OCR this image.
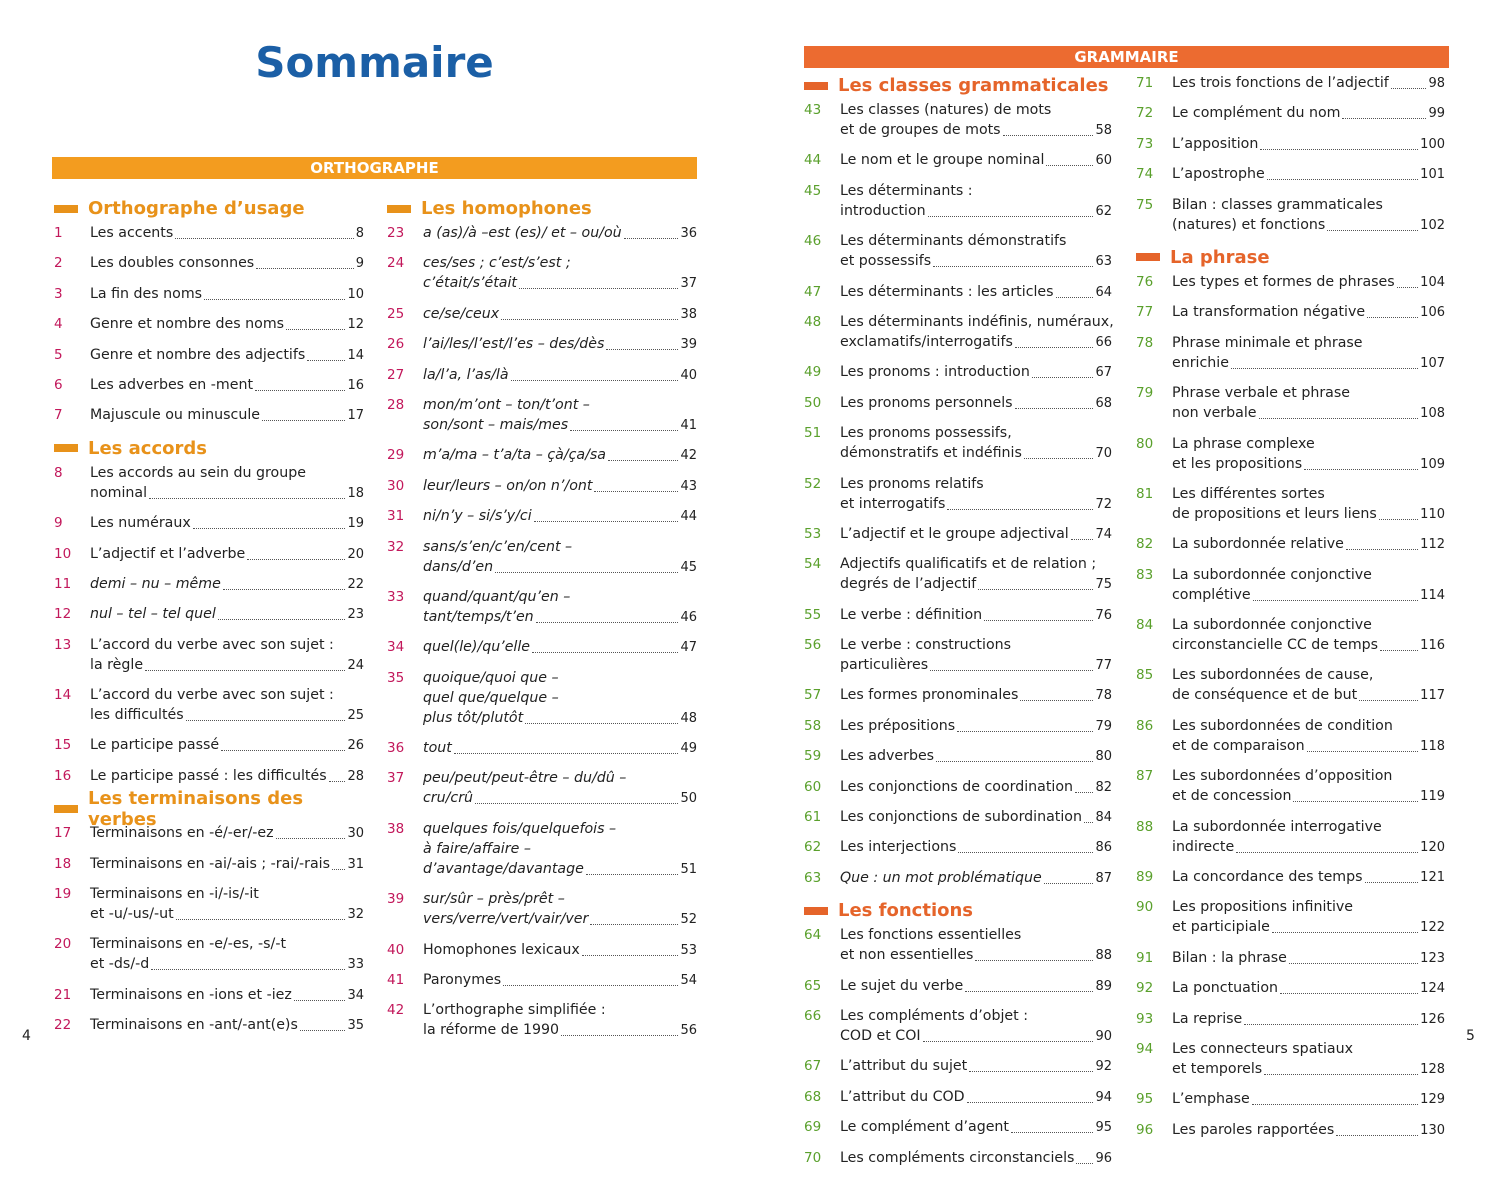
Sommaire
ORTHOGRAPHE
GRAMMAIRE
Orthographe d’usage
1	Les accents	8
2	Les doubles consonnes	9
3	La fin des noms	10
4	Genre et nombre des noms	12
5	Genre et nombre des adjectifs	14
6	Les adverbes en -ment	16
7	Majuscule ou minuscule	17
Les accords
8	Les accords au sein du groupe
nominal	18
9	Les numéraux	19
10	L’adjectif et l’adverbe	20
11	demi – nu – même	22
12	nul – tel – tel quel	23
13	L’accord du verbe avec son sujet :
la règle	24
14	L’accord du verbe avec son sujet :
les difficultés	25
15	Le participe passé	26
16	Le participe passé : les difficultés 28
Les terminaisons des verbes
17	Terminaisons en -é/-er/-ez	30
18	Terminaisons en -ai/-ais ; -rai/-rais 31
19	Terminaisons en -i/-is/-it
et -u/-us/-ut	32
20	Terminaisons en -e/-es, -s/-t
et -ds/-d	33
21	Terminaisons en -ions et -iez	34
22	Terminaisons en -ant/-ant(e)s	35
Les homophones
23	a (as)/à –est (es)/ et – ou/où	36
24	ces/ses ; c’est/s’est ;
c’était/s’était	37
25	ce/se/ceux	38
26	l’ai/les/l’est/l’es – des/dès	39
27	la/l’a, l’as/là	40
28	mon/m’ont – ton/t’ont –
son/sont – mais/mes	41
29	m’a/ma – t’a/ta – çà/ça/sa	42
30	leur/leurs – on/on n’/ont	43
31	ni/n’y – si/s’y/ci	44
32	sans/s’en/c’en/cent –
dans/d’en	45
33	quand/quant/qu’en –
tant/temps/t’en	46
34	quel(le)/qu’elle	47
35	quoique/quoi que –
quel que/quelque –
plus tôt/plutôt	48
36	tout	49
37	peu/peut/peut-être – du/dû –
cru/crû	50
38	quelques fois/quelquefois –
à faire/affaire –
d’avantage/davantage	51
39	sur/sûr – près/prêt –
vers/verre/vert/vair/ver	52
40	Homophones lexicaux	53
41	Paronymes	54
42	L’orthographe simplifiée :
la réforme de 1990	56
Les classes grammaticales
43	Les classes (natures) de mots
et de groupes de mots	58
44	Le nom et le groupe nominal	60
45	Les déterminants :
introduction	62
46	Les déterminants démonstratifs
et possessifs	63
47	Les déterminants : les articles	64
48	Les déterminants indéfinis, numéraux,
exclamatifs/interrogatifs	66
49	Les pronoms : introduction	67
50	Les pronoms personnels	68
51	Les pronoms possessifs,
démonstratifs et indéfinis	70
52	Les pronoms relatifs
et interrogatifs	72
53	L’adjectif et le groupe adjectival 74
54	Adjectifs qualificatifs et de relation ;
degrés de l’adjectif	75
55	Le verbe : définition	76
56	Le verbe : constructions
particulières	77
57	Les formes pronominales	78
58	Les prépositions	79
59	Les adverbes	80
60	Les conjonctions de coordination 82
61	Les conjonctions de subordination 84
62	Les interjections	86
63	Que : un mot problématique	87
Les fonctions
64	Les fonctions essentielles
et non essentielles	88
65	Le sujet du verbe	89
66	Les compléments d’objet :
COD et COI	90
67	L’attribut du sujet	92
68	L’attribut du COD	94
69	Le complément d’agent	95
70	Les compléments circonstanciels 96
71	Les trois fonctions de l’adjectif	98
72	Le complément du nom	99
73	L’apposition	100
74	L’apostrophe	101
75	Bilan : classes grammaticales
(natures) et fonctions	102
La phrase
76	Les types et formes de phrases 104
77	La transformation négative	106
78	Phrase minimale et phrase
enrichie	107
79	Phrase verbale et phrase
non verbale	108
80	La phrase complexe
et les propositions	109
81	Les différentes sortes
de propositions et leurs liens	110
82	La subordonnée relative	112
83	La subordonnée conjonctive
complétive	114
84	La subordonnée conjonctive
circonstancielle CC de temps	116
85	Les subordonnées de cause,
de conséquence et de but	117
86	Les subordonnées de condition
et de comparaison	118
87	Les subordonnées d’opposition
et de concession	119
88	La subordonnée interrogative
indirecte	120
89	La concordance des temps	121
90	Les propositions infinitive
et participiale	122
91	Bilan : la phrase	123
92	La ponctuation	124
93	La reprise	126
94	Les connecteurs spatiaux
et temporels	128
95	L’emphase	129
96	Les paroles rapportées	130
4	5
